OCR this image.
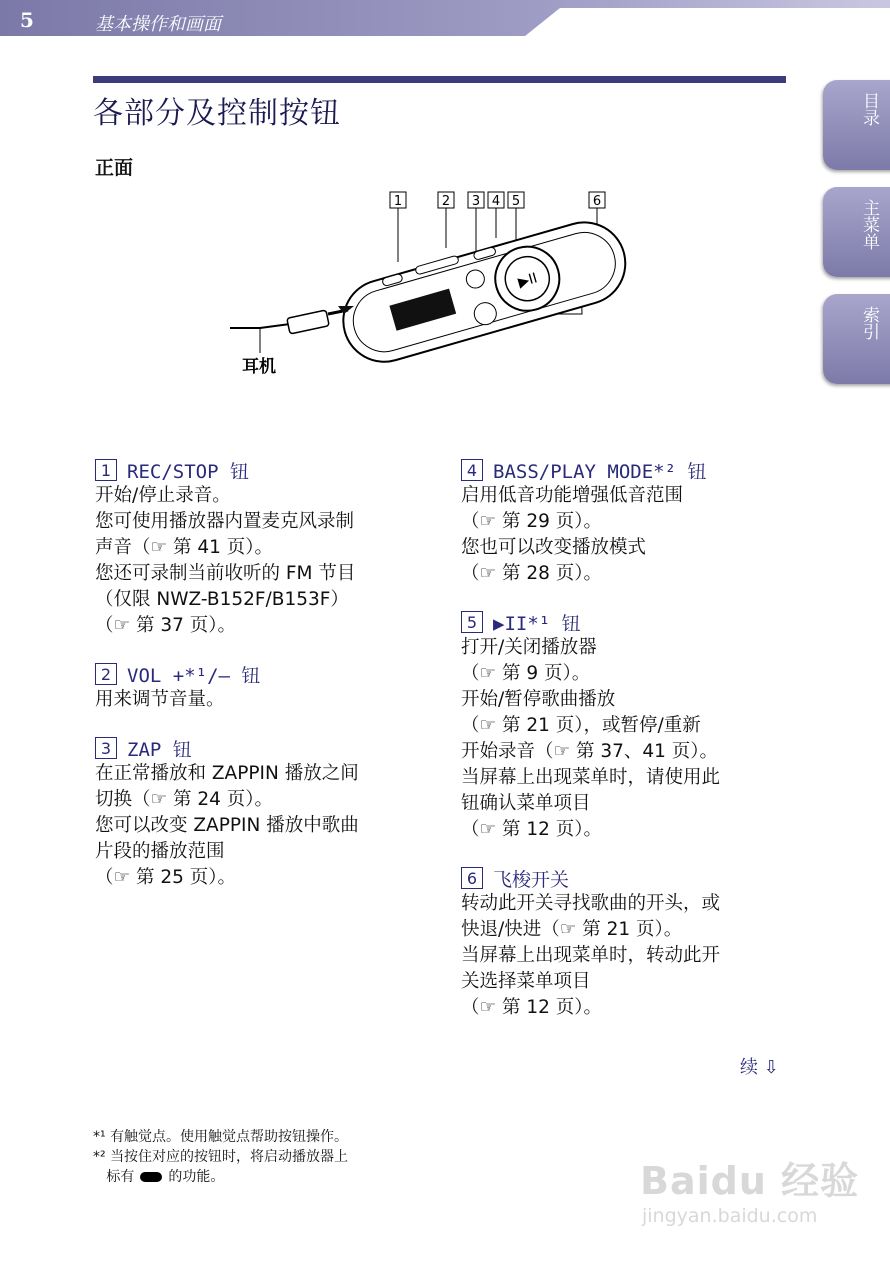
5	基本操作和画面
各部分及控制按钮
正面
目录
主菜单
索引
1	2 3 4 5	6
▶II
耳机
1 REC/STOP 钮
开始/停止录音。
您可使用播放器内置麦克风录制
声音（☞ 第 41 页）。
您还可录制当前收听的 FM 节目
（仅限 NWZ-B152F/B153F）
（☞ 第 37 页）。
2 VOL +*¹/– 钮
用来调节音量。
3 ZAP 钮
在正常播放和 ZAPPIN 播放之间
切换（☞ 第 24 页）。
您可以改变 ZAPPIN 播放中歌曲
片段的播放范围
（☞ 第 25 页）。
4 BASS/PLAY MODE*² 钮
启用低音功能增强低音范围
（☞ 第 29 页）。
您也可以改变播放模式
（☞ 第 28 页）。
5 ▶II*¹ 钮
打开/关闭播放器
（☞ 第 9 页）。
开始/暂停歌曲播放
（☞ 第 21 页），或暂停/重新
开始录音（☞ 第 37、41 页）。
当屏幕上出现菜单时，请使用此
钮确认菜单项目
（☞ 第 12 页）。
6 飞梭开关
转动此开关寻找歌曲的开头，或
快退/快进（☞ 第 21 页）。
当屏幕上出现菜单时，转动此开
关选择菜单项目
（☞ 第 12 页）。
续 ⇩
*¹ 有触觉点。使用触觉点帮助按钮操作。
*² 当按住对应的按钮时，将启动播放器上
标有 的功能。	Baidu 经验
jingyan.baidu.com
